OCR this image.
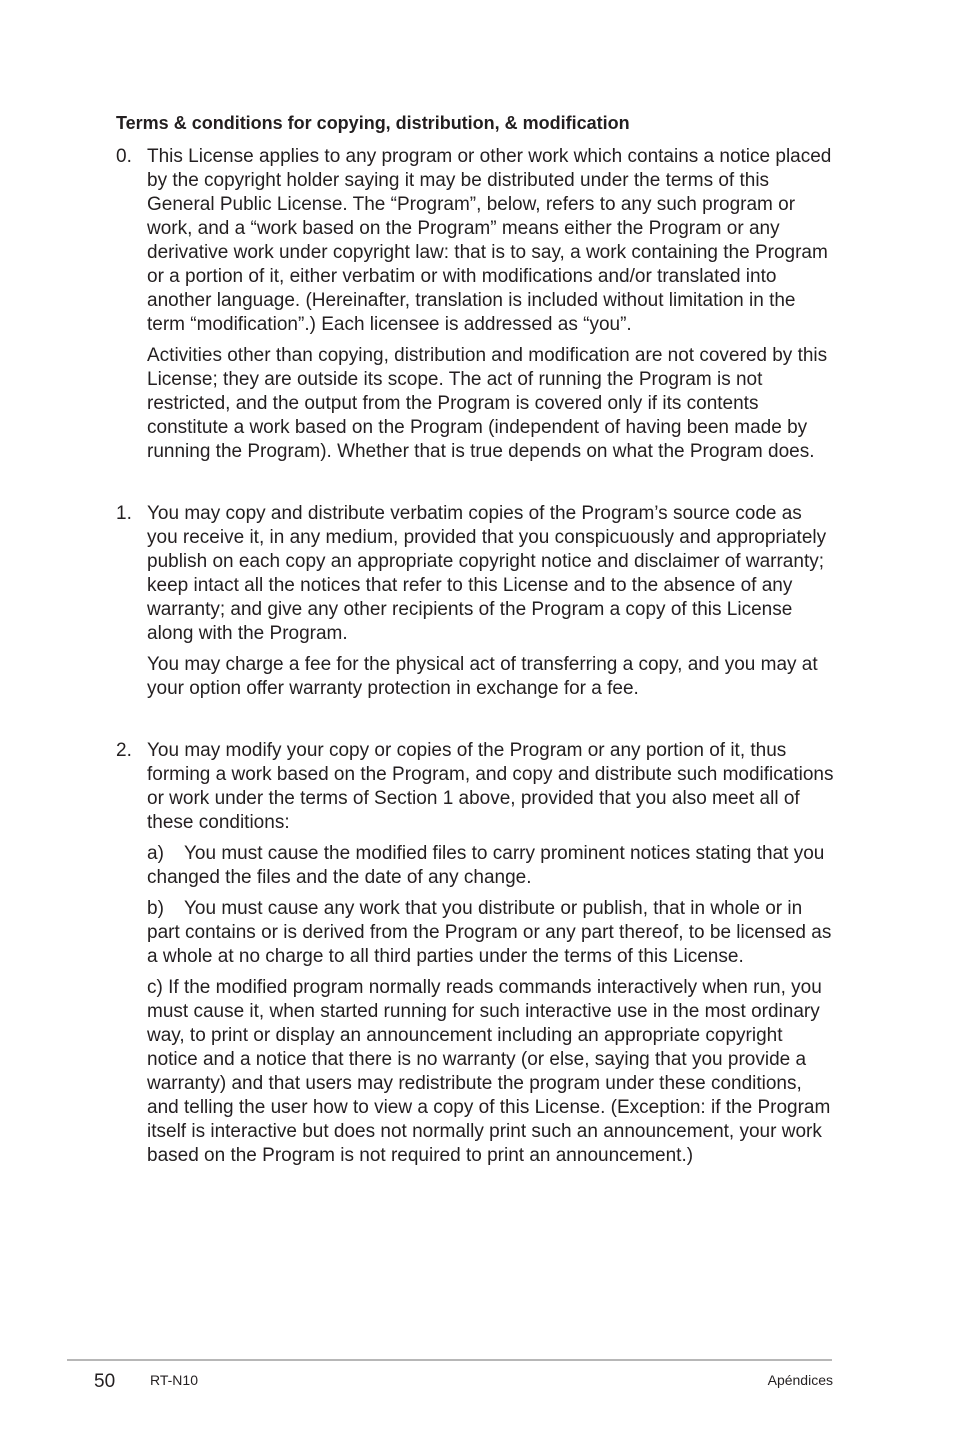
Terms & conditions for copying, distribution, & modification
0. This License applies to any program or other work which contains a notice placed by the copyright holder saying it may be distributed under the terms of this General Public License. The “Program”, below, refers to any such program or work, and a “work based on the Program” means either the Program or any derivative work under copyright law: that is to say, a work containing the Program or a portion of it, either verbatim or with modifications and/or translated into another language. (Hereinafter, translation is included without limitation in the term “modification”.) Each licensee is addressed as “you”.

Activities other than copying, distribution and modification are not covered by this License; they are outside its scope. The act of running the Program is not restricted, and the output from the Program is covered only if its contents constitute a work based on the Program (independent of having been made by running the Program). Whether that is true depends on what the Program does.

1. You may copy and distribute verbatim copies of the Program’s source code as you receive it, in any medium, provided that you conspicuously and appropriately publish on each copy an appropriate copyright notice and disclaimer of warranty; keep intact all the notices that refer to this License and to the absence of any warranty; and give any other recipients of the Program a copy of this License along with the Program.

You may charge a fee for the physical act of transferring a copy, and you may at your option offer warranty protection in exchange for a fee.

2. You may modify your copy or copies of the Program or any portion of it, thus forming a work based on the Program, and copy and distribute such modifications or work under the terms of Section 1 above, provided that you also meet all of these conditions:

a) You must cause the modified files to carry prominent notices stating that you changed the files and the date of any change.

b) You must cause any work that you distribute or publish, that in whole or in part contains or is derived from the Program or any part thereof, to be licensed as a whole at no charge to all third parties under the terms of this License.

c) If the modified program normally reads commands interactively when run, you must cause it, when started running for such interactive use in the most ordinary way, to print or display an announcement including an appropriate copyright notice and a notice that there is no warranty (or else, saying that you provide a warranty) and that users may redistribute the program under these conditions, and telling the user how to view a copy of this License. (Exception: if the Program itself is interactive but does not normally print such an announcement, your work based on the Program is not required to print an announcement.)

50 RT-N10	Apéndices
